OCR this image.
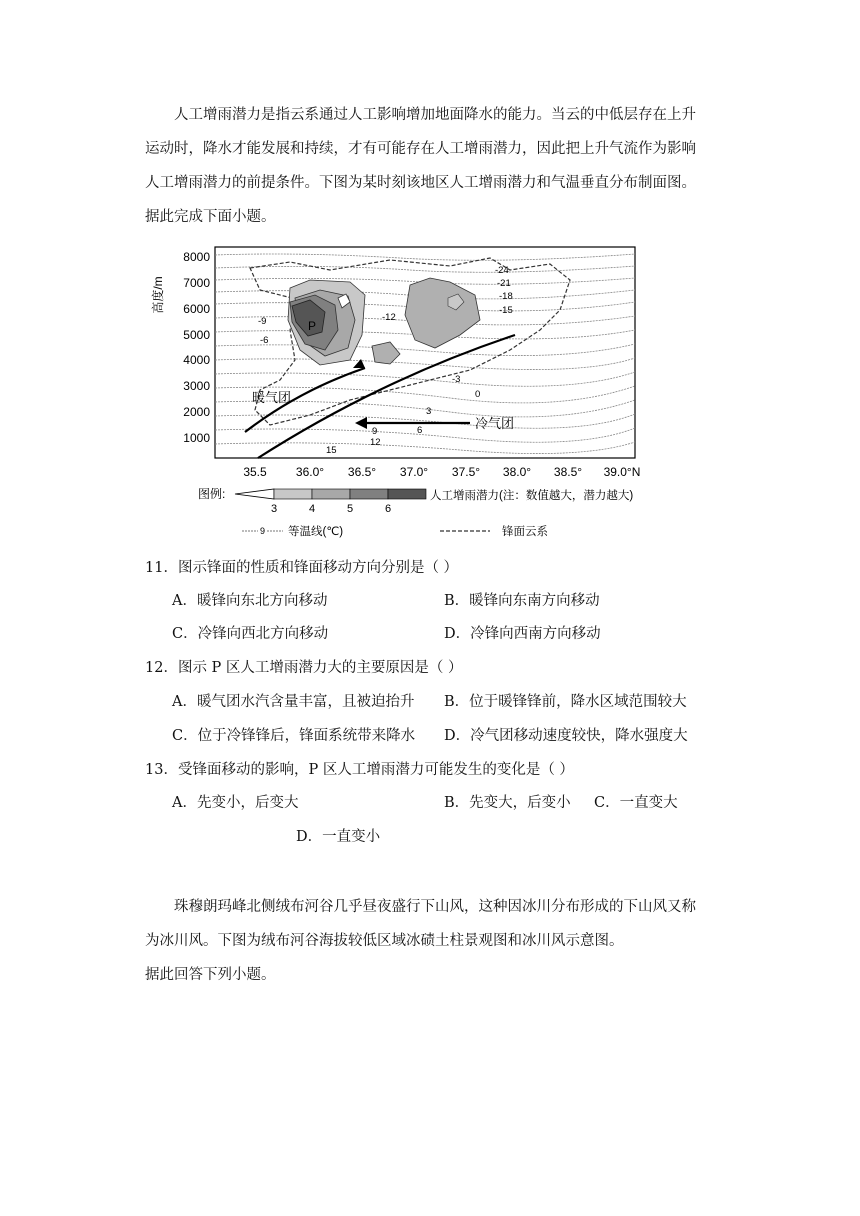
人工增雨潜力是指云系通过人工影响增加地面降水的能力。当云的中低层存在上升
运动时，降水才能发展和持续，才有可能存在人工增雨潜力，因此把上升气流作为影响
人工增雨潜力的前提条件。下图为某时刻该地区人工增雨潜力和气温垂直分布制面图。
据此完成下面小题。
高度/m
8000
7000
6000
5000
4000
3000
2000
1000
P
-24
-21
-18
-15
-12
-9
-6
-3
0
3
6
9
12
15
暖气团
冷气团
35.5 36.0° 36.5° 37.0° 37.5° 38.0° 38.5° 39.0°N
图例:
3	4	5	6
人工增雨潜力(注：数值越大，潜力越大)
9 等温线(℃)	锋面云系
11．图示锋面的性质和锋面移动方向分别是（ ）
A．暖锋向东北方向移动	B．暖锋向东南方向移动
C．冷锋向西北方向移动	D．冷锋向西南方向移动
12．图示 P 区人工增雨潜力大的主要原因是（ ）
A．暖气团水汽含量丰富，且被迫抬升 B．位于暖锋锋前，降水区域范围较大
C．位于冷锋锋后，锋面系统带来降水 D．冷气团移动速度较快，降水强度大
13．受锋面移动的影响，P 区人工增雨潜力可能发生的变化是（ ）
A．先变小，后变大	B．先变大，后变小 C．一直变大
D．一直变小
珠穆朗玛峰北侧绒布河谷几乎昼夜盛行下山风，这种因冰川分布形成的下山风又称
为冰川风。下图为绒布河谷海拔较低区域冰碛土柱景观图和冰川风示意图。
据此回答下列小题。
